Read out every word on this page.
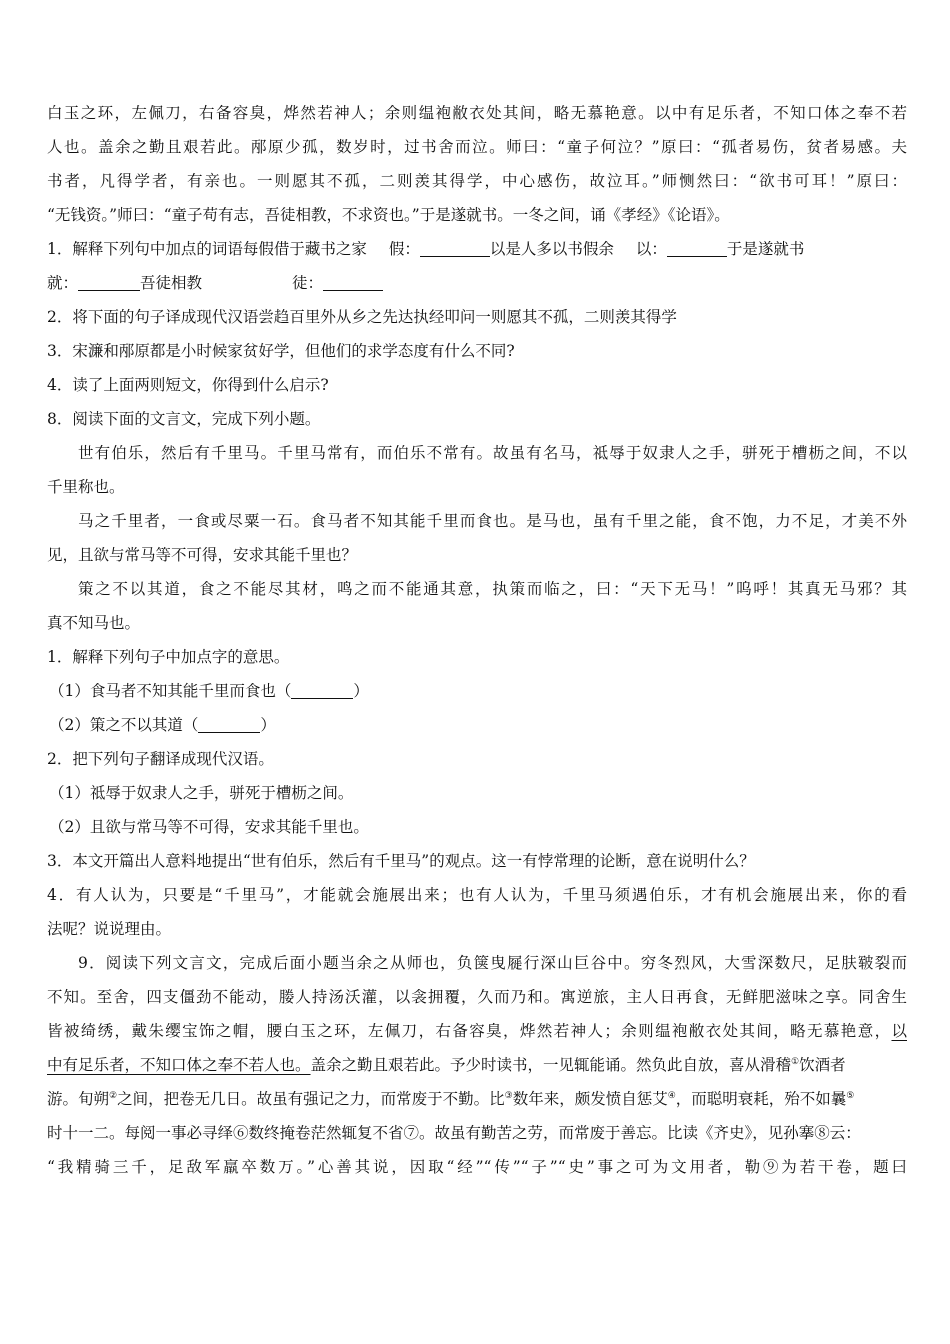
白玉之环，左佩刀，右备容臭，烨然若神人；余则缊袍敝衣处其间，略无慕艳意。以中有足乐者，不知口体之奉不若
人也。盖余之勤且艰若此。邴原少孤，数岁时，过书舍而泣。师曰：“童子何泣？”原曰：“孤者易伤，贫者易感。夫
书者，凡得学者，有亲也。一则愿其不孤，二则羡其得学，中心感伤，故泣耳。”师恻然曰：“欲书可耳！”原曰：
“无钱资。”师曰：“童子苟有志，吾徒相教，不求资也。”于是遂就书。一冬之间，诵《孝经》《论语》。
1．解释下列句中加点的词语每假借于藏书之家 假：	以是人多以书假余 以：	于是遂就书
就：	吾徒相教	徒：
2．将下面的句子译成现代汉语尝趋百里外从乡之先达执经叩问一则愿其不孤，二则羡其得学
3．宋濂和邴原都是小时候家贫好学，但他们的求学态度有什么不同?
4．读了上面两则短文，你得到什么启示?
8．阅读下面的文言文，完成下列小题。
世有伯乐，然后有千里马。千里马常有，而伯乐不常有。故虽有名马，祗辱于奴隶人之手，骈死于槽枥之间，不以
千里称也。
马之千里者，一食或尽粟一石。食马者不知其能千里而食也。是马也，虽有千里之能，食不饱，力不足，才美不外
见，且欲与常马等不可得，安求其能千里也？
策之不以其道，食之不能尽其材，鸣之而不能通其意，执策而临之，曰：“天下无马！”呜呼！其真无马邪？其
真不知马也。
1．解释下列句子中加点字的意思。
（1）食马者不知其能千里而食也（	）
（2）策之不以其道（	）
2．把下列句子翻译成现代汉语。
（1）祗辱于奴隶人之手，骈死于槽枥之间。
（2）且欲与常马等不可得，安求其能千里也。
3．本文开篇出人意料地提出“世有伯乐，然后有千里马”的观点。这一有悖常理的论断，意在说明什么？
4．有人认为，只要是“千里马”，才能就会施展出来；也有人认为，千里马须遇伯乐，才有机会施展出来，你的看
法呢？说说理由。
9．阅读下列文言文，完成后面小题当余之从师也，负箧曳屣行深山巨谷中。穷冬烈风，大雪深数尺，足肤皲裂而
不知。至舍，四支僵劲不能动，媵人持汤沃灌，以衾拥覆，久而乃和。寓逆旅，主人日再食，无鲜肥滋味之享。同舍生
皆被绮绣，戴朱缨宝饰之帽，腰白玉之环，左佩刀，右备容臭，烨然若神人；余则缊袍敝衣处其间，略无慕艳意，以
中有足乐者，不知口体之奉不若人也。盖余之勤且艰若此。予少时读书，一见辄能诵。然负此自放，喜从滑稽①饮酒者
游。旬朔②之间，把卷无几日。故虽有强记之力，而常废于不勤。比③数年来，颇发愤自惩艾④，而聪明衰耗，殆不如曩⑤
时十一二。每阅一事必寻绎⑥数终掩卷茫然辄复不省⑦。故虽有勤苦之劳，而常废于善忘。比读《齐史》，见孙搴⑧云：
“我精骑三千，足敌军羸卒数万。”心善其说，因取“经”“传”“子”“史”事之可为文用者，勒⑨为若干卷，题曰
